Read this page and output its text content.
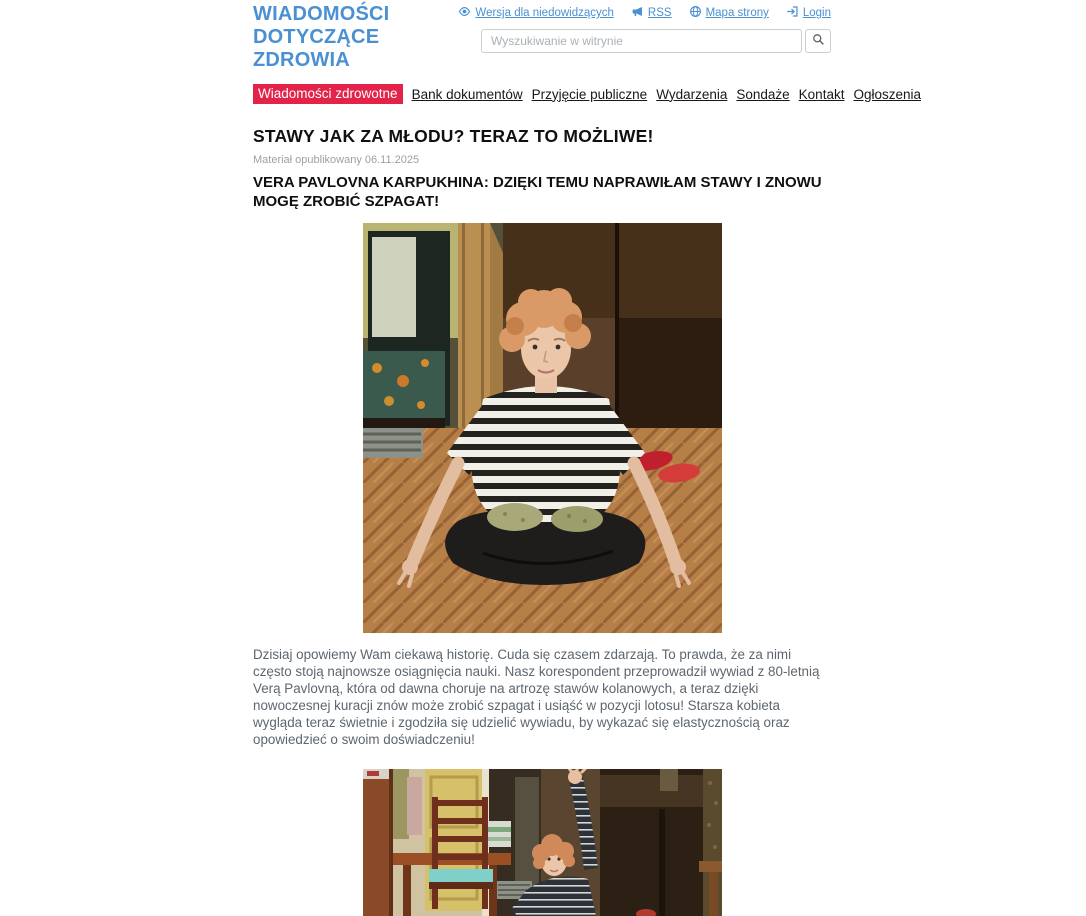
WIADOMOŚCI DOTYCZĄCE ZDROWIA
Wersja dla niedowidzących	RSS	Mapa strony	Login
Wyszukiwanie w witrynie
Wiadomości zdrowotne	Bank dokumentów Przyjęcie publiczne Wydarzenia Sondaże Kontakt Ogłoszenia
STAWY JAK ZA MŁODU? TERAZ TO MOŻLIWE!
Materiał opublikowany 06.11.2025
VERA PAVLOVNA KARPUKHINA: DZIĘKI TEMU NAPRAWIŁAM STAWY I ZNOWU MOGĘ ZROBIĆ SZPAGAT!

Dzisiaj opowiemy Wam ciekawą historię. Cuda się czasem zdarzają. To prawda, że za nimi często stoją najnowsze osiągnięcia nauki. Nasz korespondent przeprowadził wywiad z 80-letnią Verą Pavlovną, która od dawna choruje na artrozę stawów kolanowych, a teraz dzięki nowoczesnej kuracji znów może zrobić szpagat i usiąść w pozycji lotosu! Starsza kobieta wygląda teraz świetnie i zgodziła się udzielić wywiadu, by wykazać się elastycznością oraz opowiedzieć o swoim doświadczeniu!
